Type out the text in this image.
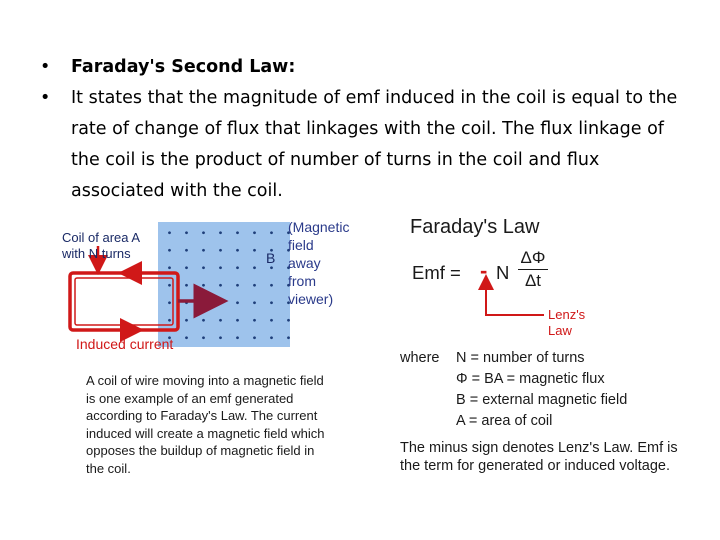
• Faraday's Second Law:
• It states that the magnitude of emf induced in the coil is equal to the rate of change of flux that linkages with the coil. The flux linkage of the coil is the product of number of turns in the coil and flux associated with the coil.
Coil of area A
with N turns	B
(Magnetic
field away
from viewer)
Induced current
A coil of wire moving into a magnetic field is one example of an emf generated according to Faraday's Law. The current induced will create a magnetic field which opposes the buildup of magnetic field in the coil.
Faraday's Law
Emf = - N
ΔΦ
Δt
Lenz's
Law
where N = number of turns
Φ = BA = magnetic flux
B = external magnetic field
A = area of coil
The minus sign denotes Lenz's Law. Emf is the term for generated or induced voltage.
